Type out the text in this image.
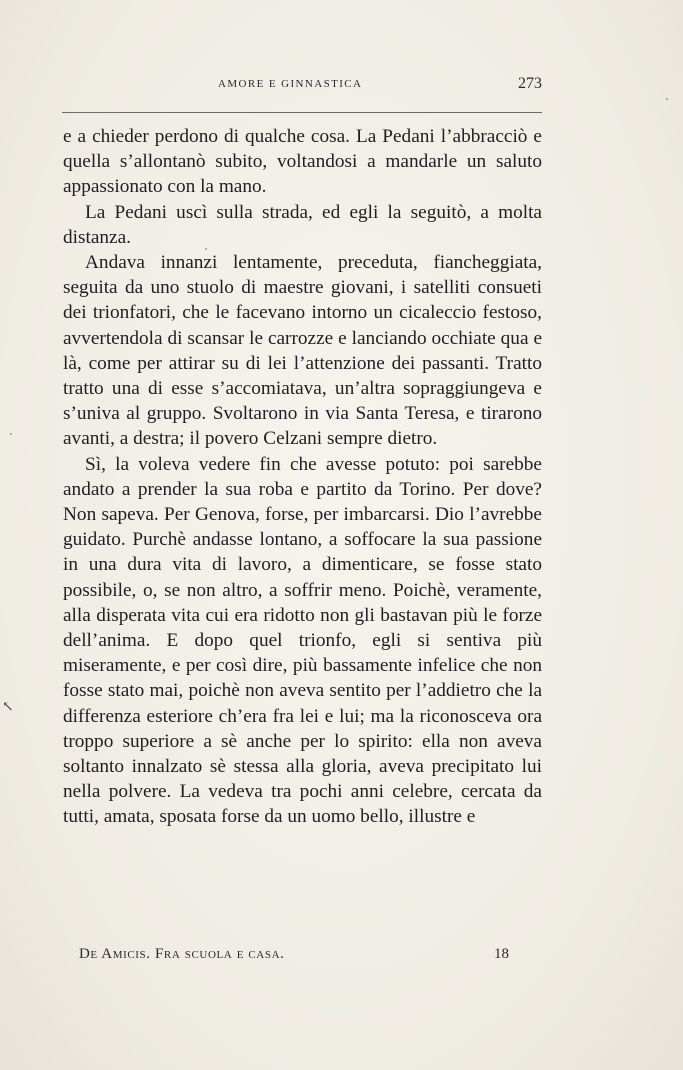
AMORE E GINNASTICA	273

e a chieder perdono di qualche cosa. La Pedani l’abbracciò e quella s’allontanò subito, voltandosi a mandarle un saluto appassionato con la mano.

La Pedani uscì sulla strada, ed egli la seguitò, a molta distanza.

Andava innanzi lentamente, preceduta, fiancheggiata, seguita da uno stuolo di maestre giovani, i satelliti consueti dei trionfatori, che le facevano intorno un cicaleccio festoso, avvertendola di scansar le carrozze e lanciando occhiate qua e là, come per attirar su di lei l’attenzione dei passanti. Tratto tratto una di esse s’accomiatava, un’altra sopraggiungeva e s’univa al gruppo. Svoltarono in via Santa Teresa, e tirarono avanti, a destra; il povero Celzani sempre dietro.

Sì, la voleva vedere fin che avesse potuto: poi sarebbe andato a prender la sua roba e partito da Torino. Per dove? Non sapeva. Per Genova, forse, per imbarcarsi. Dio l’avrebbe guidato. Purchè andasse lontano, a soffocare la sua passione in una dura vita di lavoro, a dimenticare, se fosse stato possibile, o, se non altro, a soffrir meno. Poichè, veramente, alla disperata vita cui era ridotto non gli bastavan più le forze dell’anima. E dopo quel trionfo, egli si sentiva più miseramente, e per così dire, più bassamente infelice che non fosse stato mai, poichè non aveva sentito per l’addietro che la differenza esteriore ch’era fra lei e lui; ma la riconosceva ora troppo superiore a sè anche per lo spirito: ella non aveva soltanto innalzato sè stessa alla gloria, aveva precipitato lui nella polvere. La vedeva tra pochi anni celebre, cercata da tutti, amata, sposata forse da un uomo bello, illustre e

De Amicis. Fra scuola e casa.	18
↖
